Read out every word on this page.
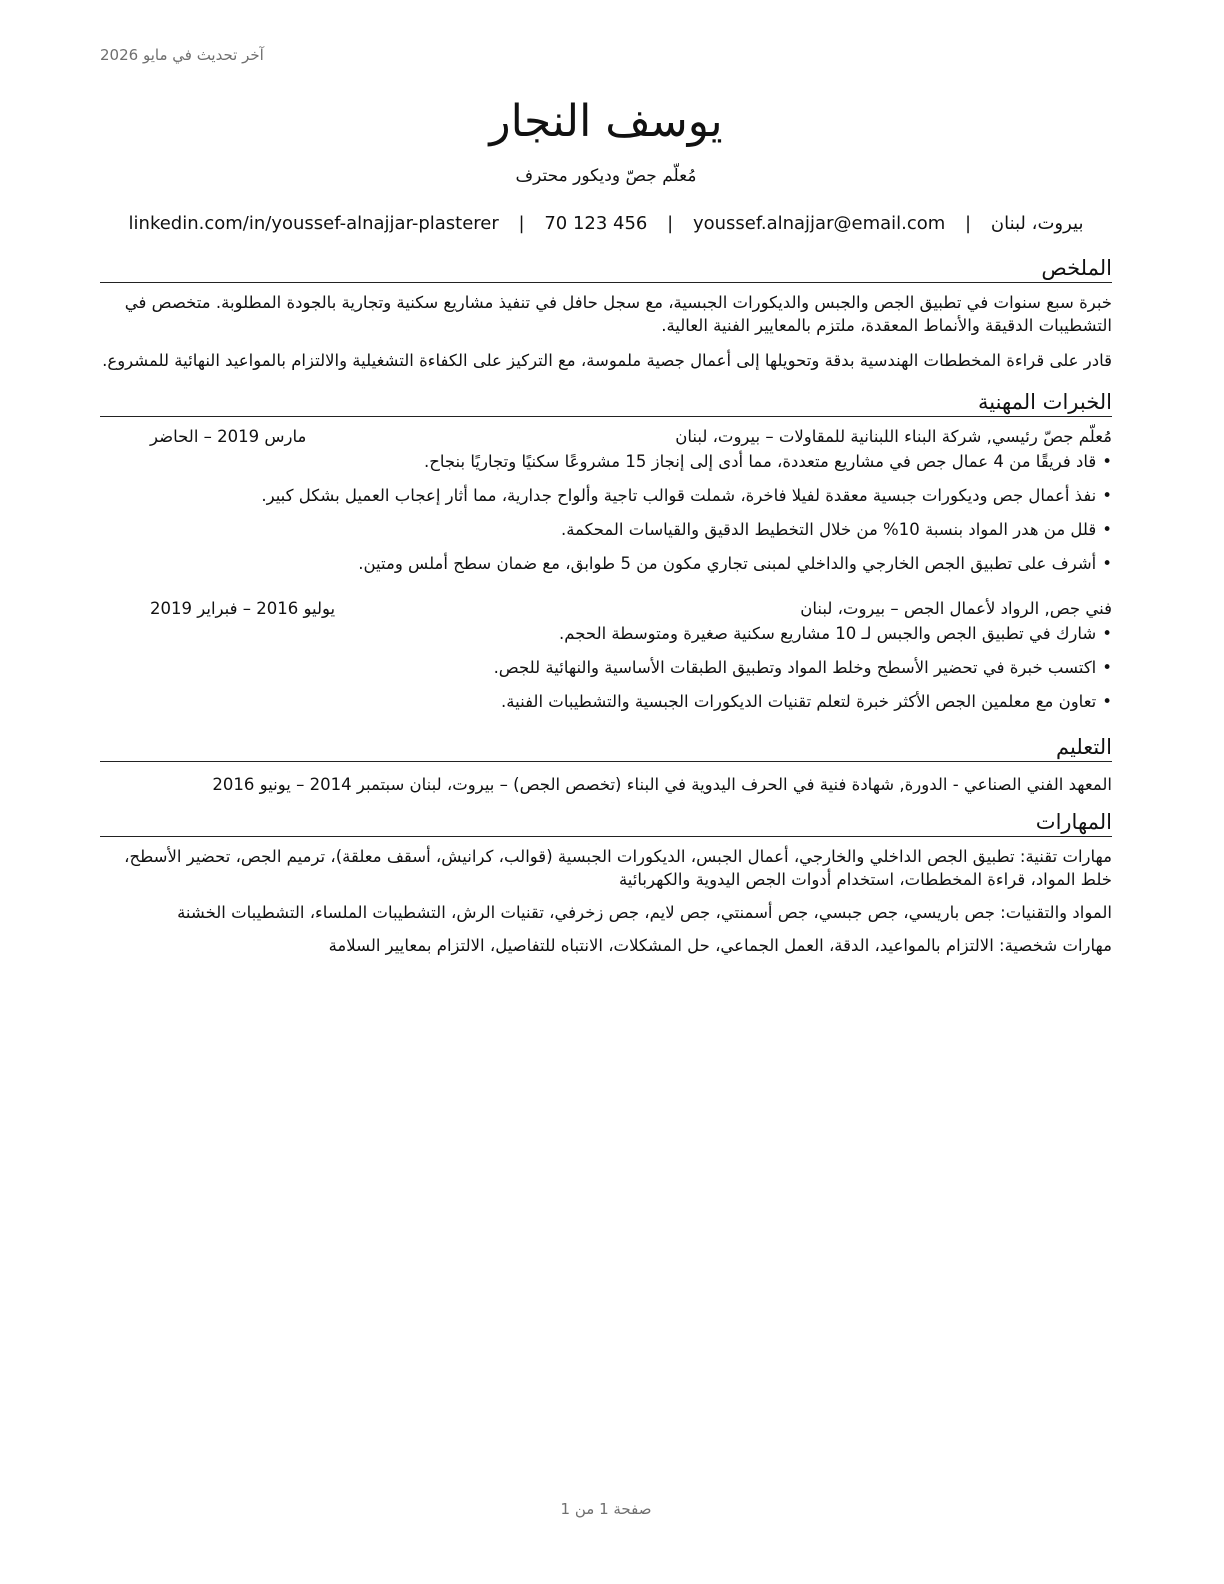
آخر تحديث في مايو 2026
يوسف النجار
مُعلّم جصّ وديكور محترف
بيروت، لبنان | youssef.alnajjar@email.com | 70 123 456 | linkedin.com/in/youssef-alnajjar-plasterer
الملخص
خبرة سبع سنوات في تطبيق الجص والجبس والديكورات الجبسية، مع سجل حافل في تنفيذ مشاريع سكنية وتجارية بالجودة المطلوبة. متخصص في التشطيبات الدقيقة والأنماط المعقدة، ملتزم بالمعايير الفنية العالية.
قادر على قراءة المخططات الهندسية بدقة وتحويلها إلى أعمال جصية ملموسة، مع التركيز على الكفاءة التشغيلية والالتزام بالمواعيد النهائية للمشروع.
الخبرات المهنية
مُعلّم جصّ رئيسي, شركة البناء اللبنانية للمقاولات – بيروت، لبنان
مارس 2019 – الحاضر
•قاد فريقًا من 4 عمال جص في مشاريع متعددة، مما أدى إلى إنجاز 15 مشروعًا سكنيًا وتجاريًا بنجاح.
•نفذ أعمال جص وديكورات جبسية معقدة لفيلا فاخرة، شملت قوالب تاجية وألواح جدارية، مما أثار إعجاب العميل بشكل كبير.
•قلل من هدر المواد بنسبة 10% من خلال التخطيط الدقيق والقياسات المحكمة.
•أشرف على تطبيق الجص الخارجي والداخلي لمبنى تجاري مكون من 5 طوابق، مع ضمان سطح أملس ومتين.
فني جص, الرواد لأعمال الجص – بيروت، لبنان
يوليو 2016 – فبراير 2019
•شارك في تطبيق الجص والجبس لـ 10 مشاريع سكنية صغيرة ومتوسطة الحجم.
•اكتسب خبرة في تحضير الأسطح وخلط المواد وتطبيق الطبقات الأساسية والنهائية للجص.
•تعاون مع معلمين الجص الأكثر خبرة لتعلم تقنيات الديكورات الجبسية والتشطيبات الفنية.
التعليم
المعهد الفني الصناعي - الدورة, شهادة فنية في الحرف اليدوية في البناء (تخصص الجص) – بيروت، لبنان سبتمبر 2014 – يونيو 2016
المهارات
مهارات تقنية: تطبيق الجص الداخلي والخارجي، أعمال الجبس، الديكورات الجبسية (قوالب، كرانيش، أسقف معلقة)، ترميم الجص، تحضير الأسطح، خلط المواد، قراءة المخططات، استخدام أدوات الجص اليدوية والكهربائية
المواد والتقنيات: جص باريسي، جص جبسي، جص أسمنتي، جص لايم، جص زخرفي، تقنيات الرش، التشطيبات الملساء، التشطيبات الخشنة
مهارات شخصية: الالتزام بالمواعيد، الدقة، العمل الجماعي، حل المشكلات، الانتباه للتفاصيل، الالتزام بمعايير السلامة
صفحة 1 من 1
